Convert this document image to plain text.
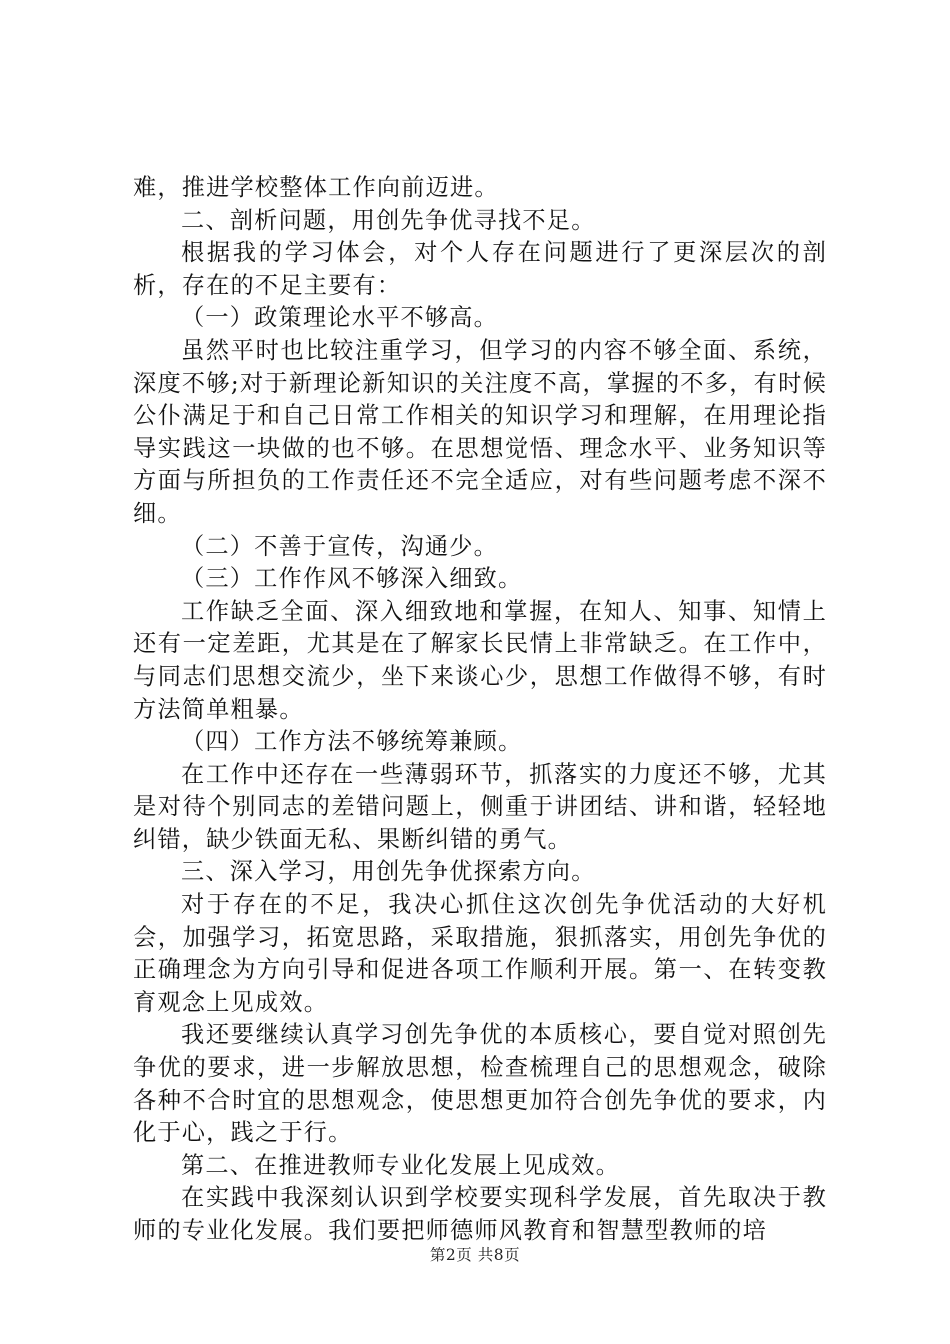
难，推进学校整体工作向前迈进。

二、剖析问题，用创先争优寻找不足。

根据我的学习体会，对个人存在问题进行了更深层次的剖析，存在的不足主要有：

（一）政策理论水平不够高。

虽然平时也比较注重学习，但学习的内容不够全面、系统，深度不够;对于新理论新知识的关注度不高，掌握的不多，有时候公仆满足于和自己日常工作相关的知识学习和理解，在用理论指导实践这一块做的也不够。在思想觉悟、理念水平、业务知识等方面与所担负的工作责任还不完全适应，对有些问题考虑不深不细。

（二）不善于宣传，沟通少。

（三）工作作风不够深入细致。

工作缺乏全面、深入细致地和掌握，在知人、知事、知情上还有一定差距，尤其是在了解家长民情上非常缺乏。在工作中，与同志们思想交流少，坐下来谈心少，思想工作做得不够，有时方法简单粗暴。

（四）工作方法不够统筹兼顾。

在工作中还存在一些薄弱环节，抓落实的力度还不够，尤其是对待个别同志的差错问题上，侧重于讲团结、讲和谐，轻轻地纠错，缺少铁面无私、果断纠错的勇气。

三、深入学习，用创先争优探索方向。

对于存在的不足，我决心抓住这次创先争优活动的大好机会，加强学习，拓宽思路，采取措施，狠抓落实，用创先争优的正确理念为方向引导和促进各项工作顺利开展。第一、在转变教育观念上见成效。

我还要继续认真学习创先争优的本质核心，要自觉对照创先争优的要求，进一步解放思想，检查梳理自己的思想观念，破除各种不合时宜的思想观念，使思想更加符合创先争优的要求，内化于心，践之于行。

第二、在推进教师专业化发展上见成效。

在实践中我深刻认识到学校要实现科学发展，首先取决于教师的专业化发展。我们要把师德师风教育和智慧型教师的培

第2页 共8页
